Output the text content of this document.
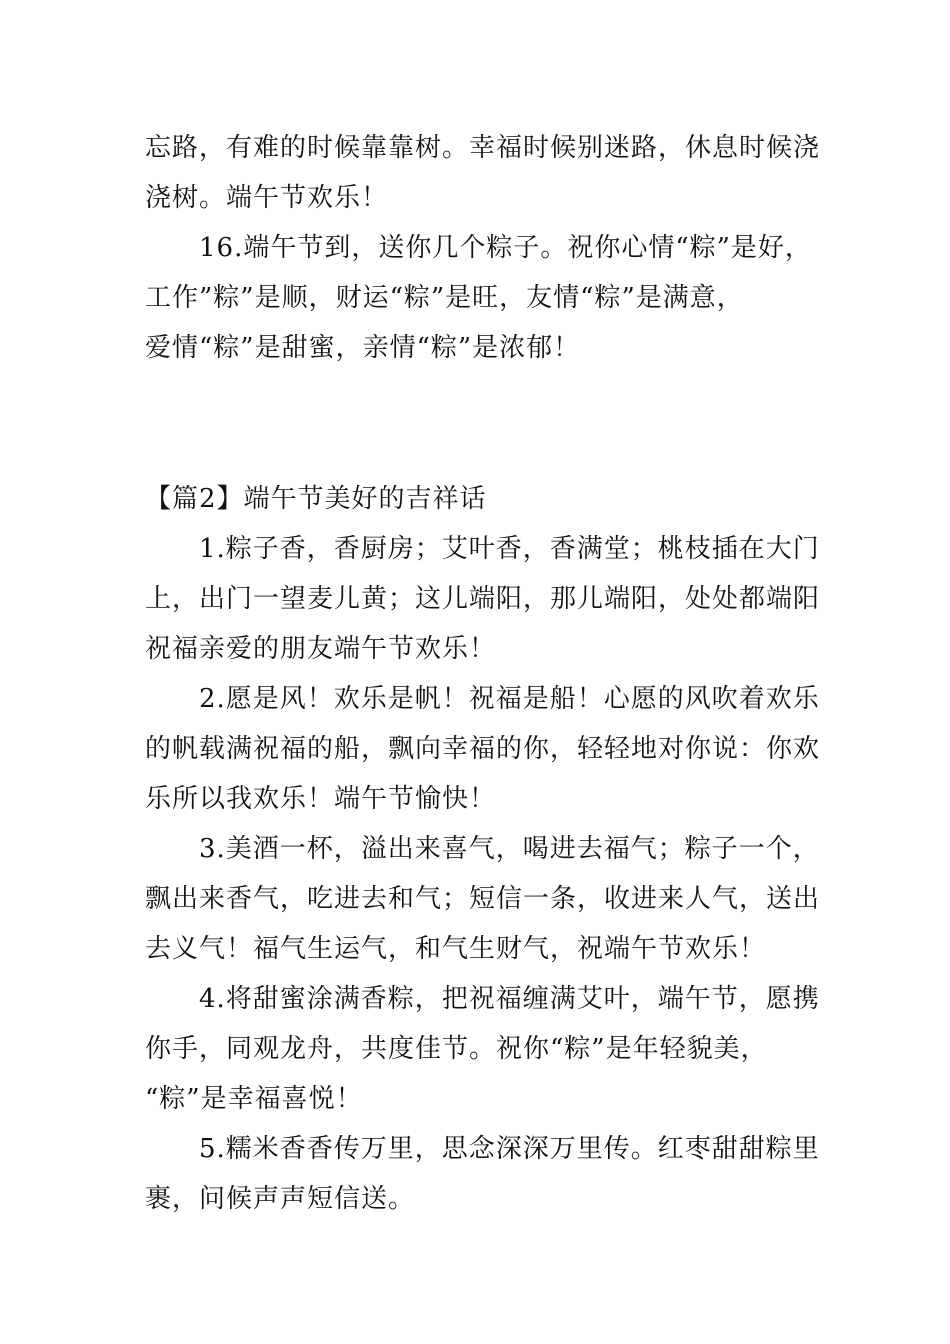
忘路，有难的时候靠靠树。幸福时候别迷路，休息时候浇
浇树。端午节欢乐！

16.端午节到，送你几个粽子。祝你心情“粽”是好，
工作”粽”是顺，财运“粽”是旺，友情“粽”是满意，
爱情“粽”是甜蜜，亲情“粽”是浓郁！

【篇2】端午节美好的吉祥话

1.粽子香，香厨房；艾叶香，香满堂；桃枝插在大门
上，出门一望麦儿黄；这儿端阳，那儿端阳，处处都端阳
祝福亲爱的朋友端午节欢乐！

2.愿是风！欢乐是帆！祝福是船！心愿的风吹着欢乐
的帆载满祝福的船，飘向幸福的你，轻轻地对你说：你欢
乐所以我欢乐！端午节愉快！

3.美酒一杯，溢出来喜气，喝进去福气；粽子一个，
飘出来香气，吃进去和气；短信一条，收进来人气，送出
去义气！福气生运气，和气生财气，祝端午节欢乐！

4.将甜蜜涂满香粽，把祝福缠满艾叶，端午节，愿携
你手，同观龙舟，共度佳节。祝你“粽”是年轻貌美，
“粽”是幸福喜悦！

5.糯米香香传万里，思念深深万里传。红枣甜甜粽里
裹，问候声声短信送。
